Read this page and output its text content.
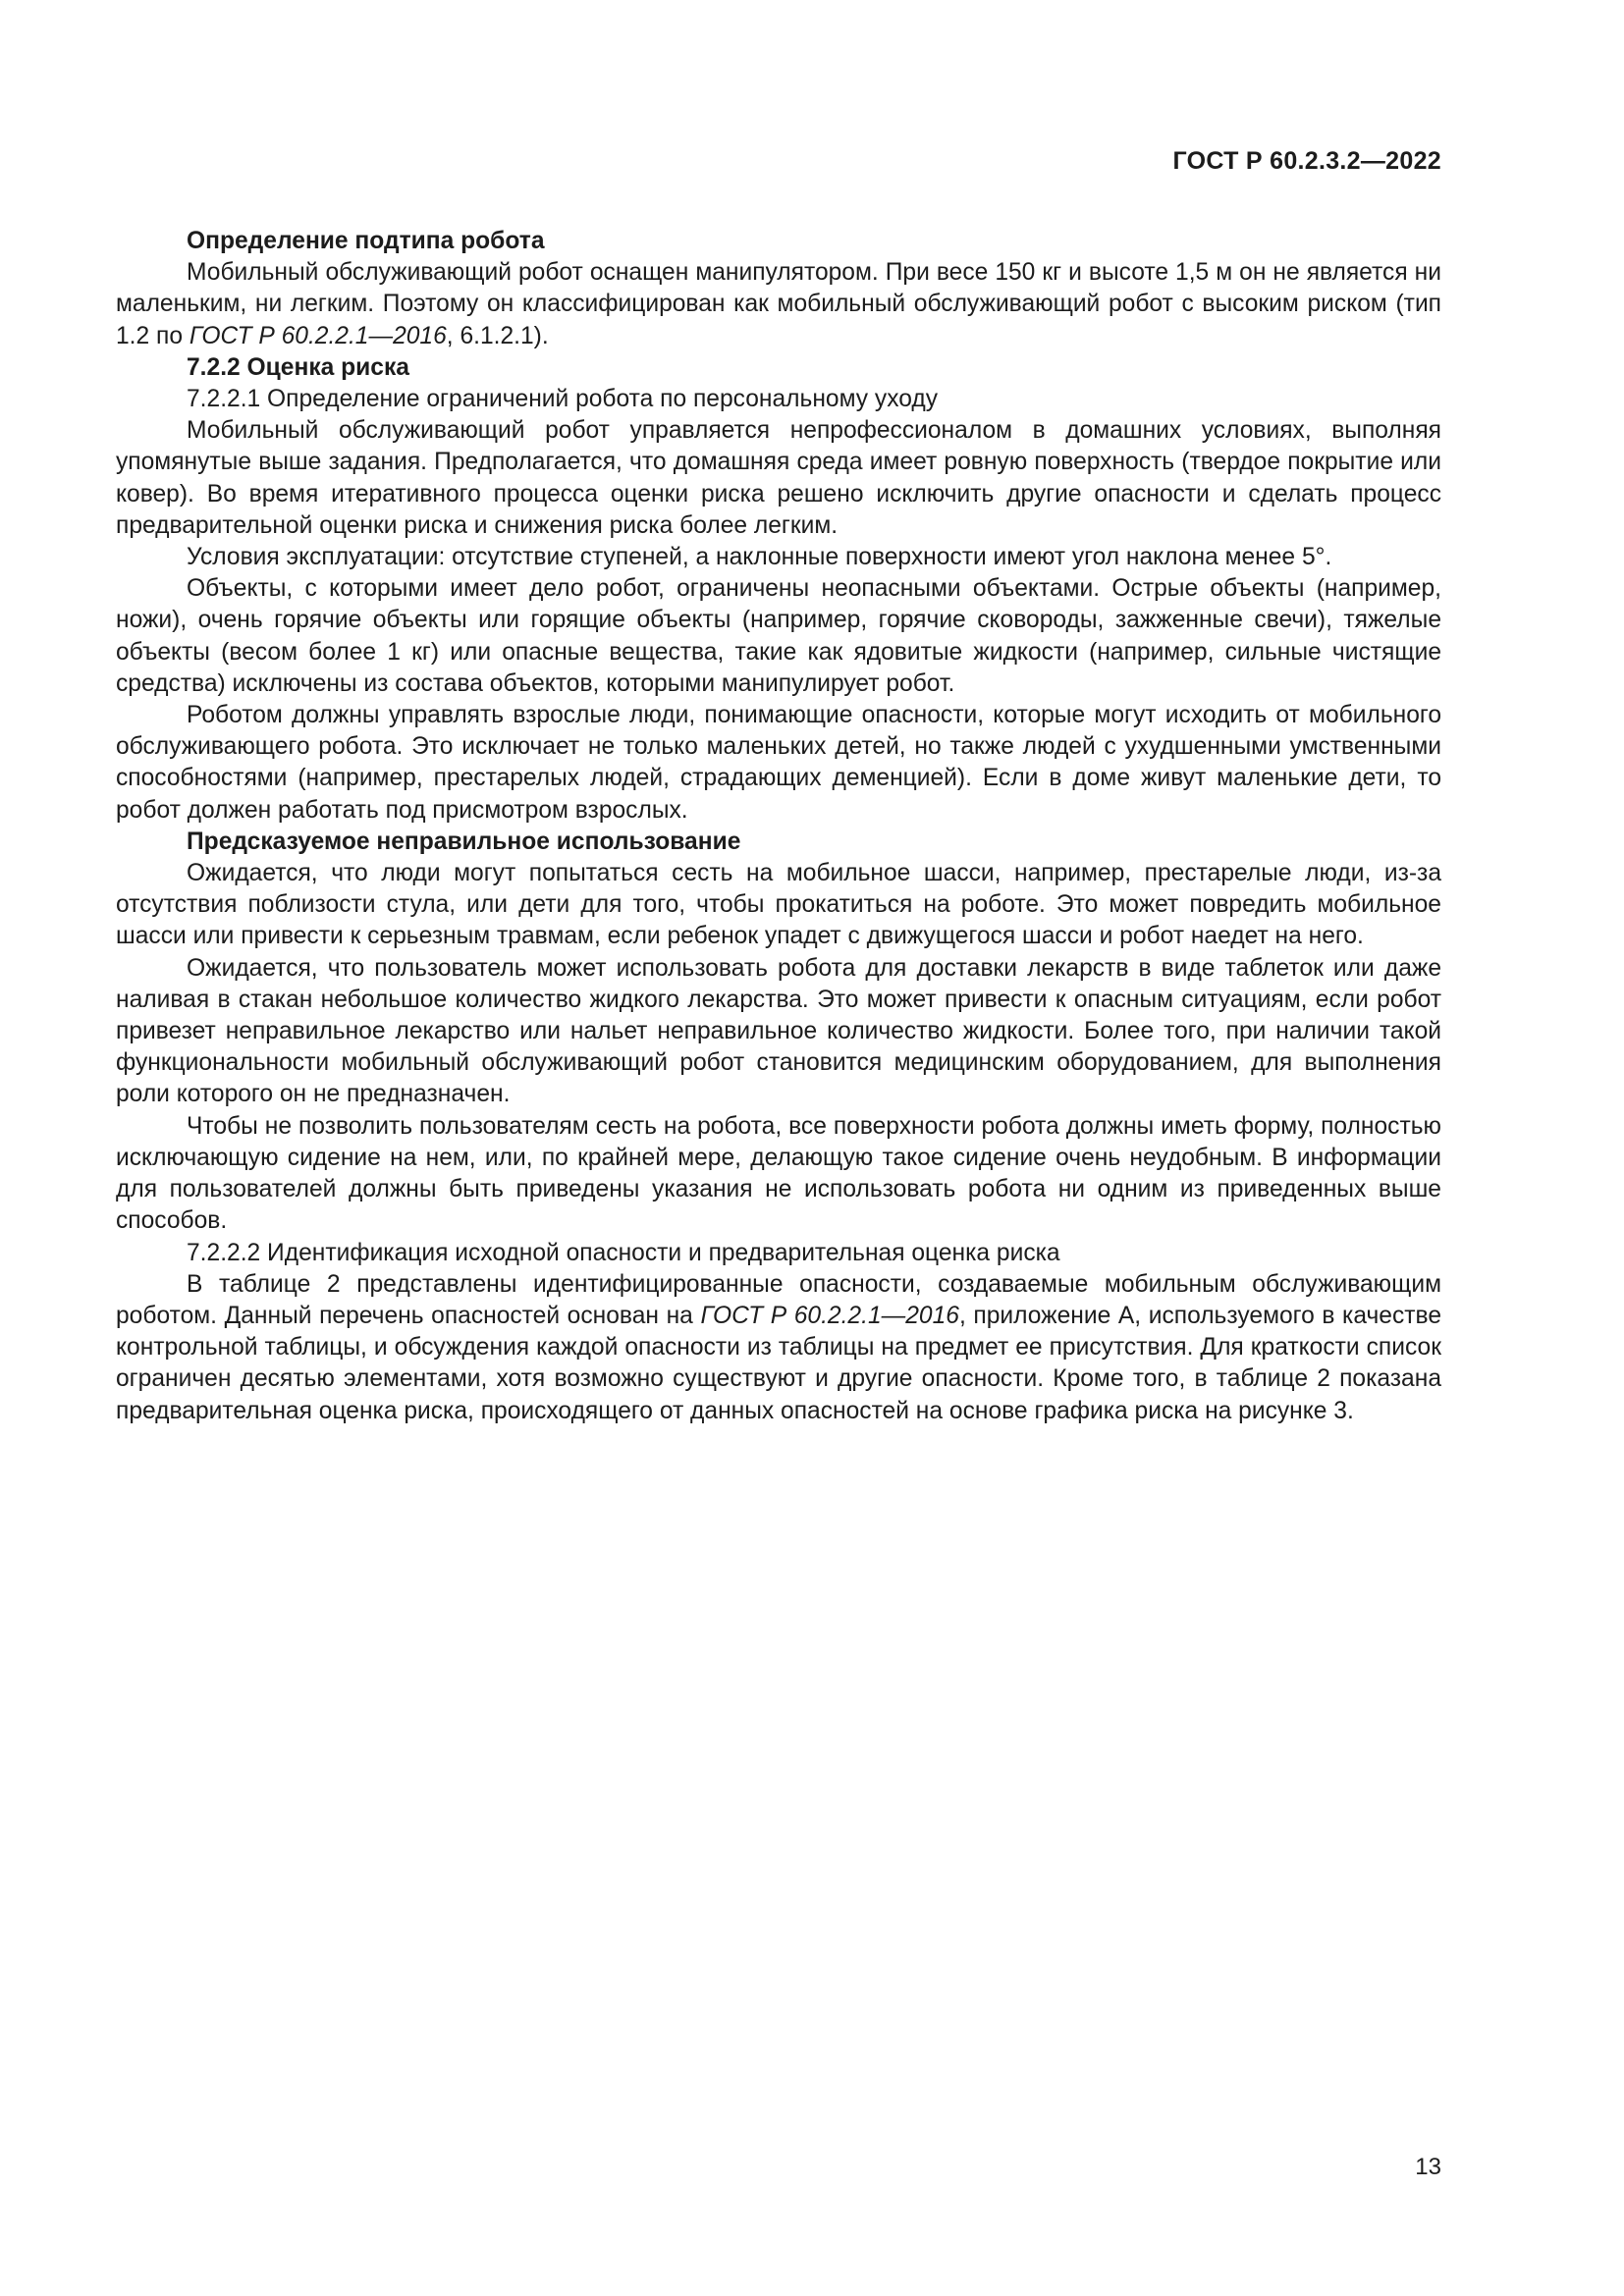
ГОСТ Р 60.2.3.2—2022

Определение подтипа робота

Мобильный обслуживающий робот оснащен манипулятором. При весе 150 кг и высоте 1,5 м он не является ни маленьким, ни легким. Поэтому он классифицирован как мобильный обслуживающий робот с высоким риском (тип 1.2 по ГОСТ Р 60.2.2.1—2016, 6.1.2.1).

7.2.2 Оценка риска

7.2.2.1 Определение ограничений робота по персональному уходу

Мобильный обслуживающий робот управляется непрофессионалом в домашних условиях, выполняя упомянутые выше задания. Предполагается, что домашняя среда имеет ровную поверхность (твердое покрытие или ковер). Во время итеративного процесса оценки риска решено исключить другие опасности и сделать процесс предварительной оценки риска и снижения риска более легким.

Условия эксплуатации: отсутствие ступеней, а наклонные поверхности имеют угол наклона менее 5°.

Объекты, с которыми имеет дело робот, ограничены неопасными объектами. Острые объекты (например, ножи), очень горячие объекты или горящие объекты (например, горячие сковороды, зажженные свечи), тяжелые объекты (весом более 1 кг) или опасные вещества, такие как ядовитые жидкости (например, сильные чистящие средства) исключены из состава объектов, которыми манипулирует робот.

Роботом должны управлять взрослые люди, понимающие опасности, которые могут исходить от мобильного обслуживающего робота. Это исключает не только маленьких детей, но также людей с ухудшенными умственными способностями (например, престарелых людей, страдающих деменцией). Если в доме живут маленькие дети, то робот должен работать под присмотром взрослых.

Предсказуемое неправильное использование

Ожидается, что люди могут попытаться сесть на мобильное шасси, например, престарелые люди, из-за отсутствия поблизости стула, или дети для того, чтобы прокатиться на роботе. Это может повредить мобильное шасси или привести к серьезным травмам, если ребенок упадет с движущегося шасси и робот наедет на него.

Ожидается, что пользователь может использовать робота для доставки лекарств в виде таблеток или даже наливая в стакан небольшое количество жидкого лекарства. Это может привести к опасным ситуациям, если робот привезет неправильное лекарство или нальет неправильное количество жидкости. Более того, при наличии такой функциональности мобильный обслуживающий робот становится медицинским оборудованием, для выполнения роли которого он не предназначен.

Чтобы не позволить пользователям сесть на робота, все поверхности робота должны иметь форму, полностью исключающую сидение на нем, или, по крайней мере, делающую такое сидение очень неудобным. В информации для пользователей должны быть приведены указания не использовать робота ни одним из приведенных выше способов.

7.2.2.2 Идентификация исходной опасности и предварительная оценка риска

В таблице 2 представлены идентифицированные опасности, создаваемые мобильным обслуживающим роботом. Данный перечень опасностей основан на ГОСТ Р 60.2.2.1—2016, приложение А, используемого в качестве контрольной таблицы, и обсуждения каждой опасности из таблицы на предмет ее присутствия. Для краткости список ограничен десятью элементами, хотя возможно существуют и другие опасности. Кроме того, в таблице 2 показана предварительная оценка риска, происходящего от данных опасностей на основе графика риска на рисунке 3.

13
